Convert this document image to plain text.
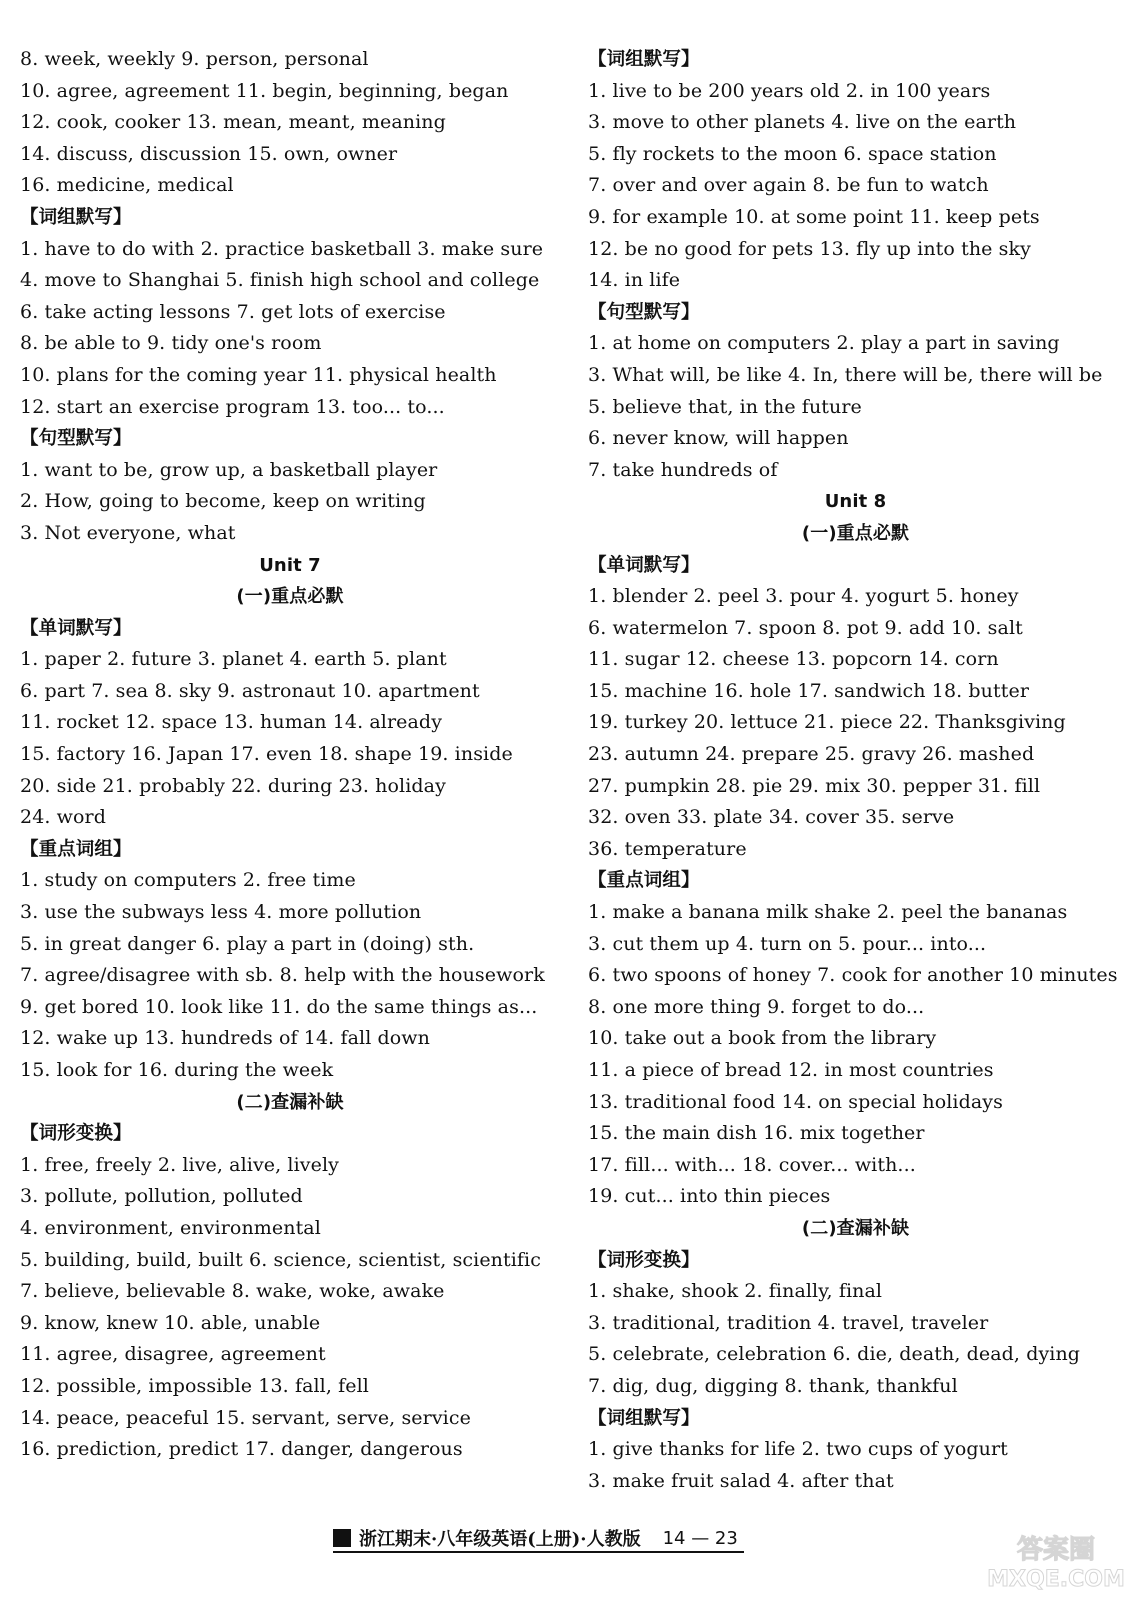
8. week, weekly 9. person, personal
10. agree, agreement 11. begin, beginning, began
12. cook, cooker 13. mean, meant, meaning
14. discuss, discussion 15. own, owner
16. medicine, medical
【词组默写】
1. have to do with 2. practice basketball 3. make sure
4. move to Shanghai 5. finish high school and college
6. take acting lessons 7. get lots of exercise
8. be able to 9. tidy one's room
10. plans for the coming year 11. physical health
12. start an exercise program 13. too... to...
【句型默写】
1. want to be, grow up, a basketball player
2. How, going to become, keep on writing
3. Not everyone, what
Unit 7
(一)重点必默
【单词默写】
1. paper 2. future 3. planet 4. earth 5. plant
6. part 7. sea 8. sky 9. astronaut 10. apartment
11. rocket 12. space 13. human 14. already
15. factory 16. Japan 17. even 18. shape 19. inside
20. side 21. probably 22. during 23. holiday
24. word
【重点词组】
1. study on computers 2. free time
3. use the subways less 4. more pollution
5. in great danger 6. play a part in (doing) sth.
7. agree/disagree with sb. 8. help with the housework
9. get bored 10. look like 11. do the same things as...
12. wake up 13. hundreds of 14. fall down
15. look for 16. during the week
(二)查漏补缺
【词形变换】
1. free, freely 2. live, alive, lively
3. pollute, pollution, polluted
4. environment, environmental
5. building, build, built 6. science, scientist, scientific
7. believe, believable 8. wake, woke, awake
9. know, knew 10. able, unable
11. agree, disagree, agreement
12. possible, impossible 13. fall, fell
14. peace, peaceful 15. servant, serve, service
16. prediction, predict 17. danger, dangerous
【词组默写】
1. live to be 200 years old 2. in 100 years
3. move to other planets 4. live on the earth
5. fly rockets to the moon 6. space station
7. over and over again 8. be fun to watch
9. for example 10. at some point 11. keep pets
12. be no good for pets 13. fly up into the sky
14. in life
【句型默写】
1. at home on computers 2. play a part in saving
3. What will, be like 4. In, there will be, there will be
5. believe that, in the future
6. never know, will happen
7. take hundreds of
Unit 8
(一)重点必默
【单词默写】
1. blender 2. peel 3. pour 4. yogurt 5. honey
6. watermelon 7. spoon 8. pot 9. add 10. salt
11. sugar 12. cheese 13. popcorn 14. corn
15. machine 16. hole 17. sandwich 18. butter
19. turkey 20. lettuce 21. piece 22. Thanksgiving
23. autumn 24. prepare 25. gravy 26. mashed
27. pumpkin 28. pie 29. mix 30. pepper 31. fill
32. oven 33. plate 34. cover 35. serve
36. temperature
【重点词组】
1. make a banana milk shake 2. peel the bananas
3. cut them up 4. turn on 5. pour... into...
6. two spoons of honey 7. cook for another 10 minutes
8. one more thing 9. forget to do...
10. take out a book from the library
11. a piece of bread 12. in most countries
13. traditional food 14. on special holidays
15. the main dish 16. mix together
17. fill... with... 18. cover... with...
19. cut... into thin pieces
(二)查漏补缺
【词形变换】
1. shake, shook 2. finally, final
3. traditional, tradition 4. travel, traveler
5. celebrate, celebration 6. die, death, dead, dying
7. dig, dug, digging 8. thank, thankful
【词组默写】
1. give thanks for life 2. two cups of yogurt
3. make fruit salad 4. after that
浙江期末·八年级英语(上册)·人教版 14 — 23	答案圈
MXQE.COM
